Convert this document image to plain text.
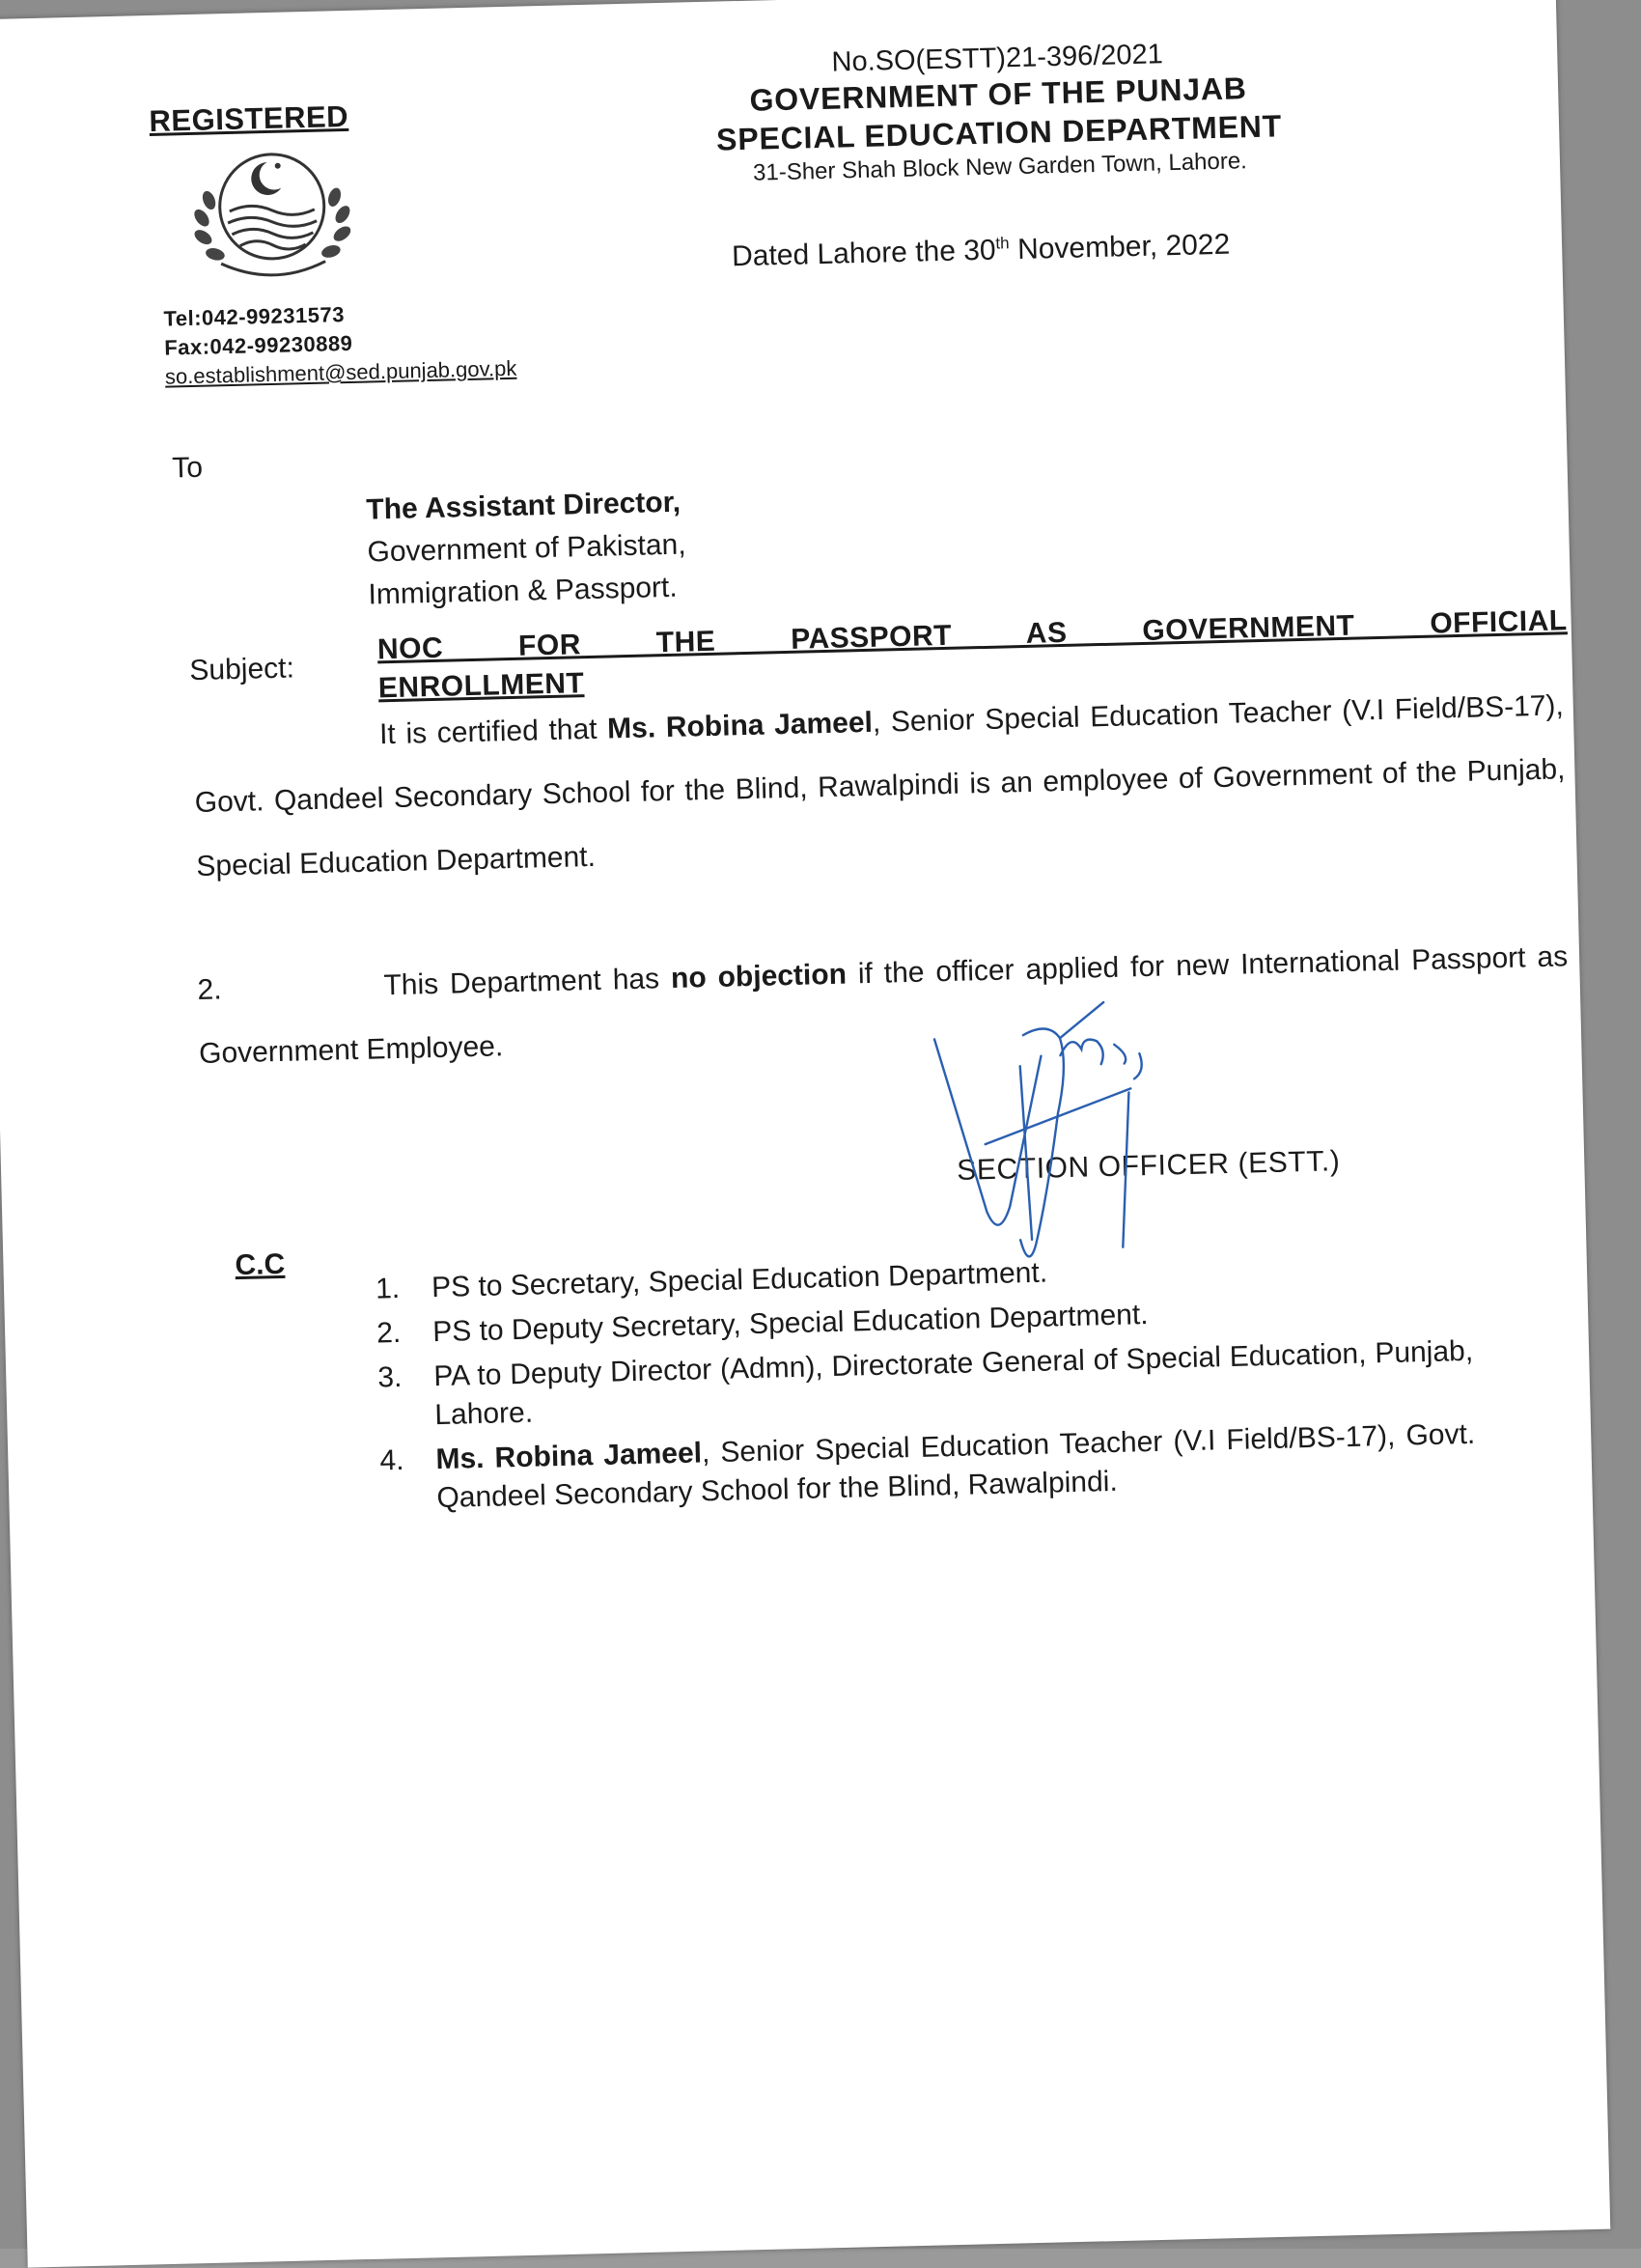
REGISTERED
Tel:042-99231573
Fax:042-99230889
so.establishment@sed.punjab.gov.pk
No.SO(ESTT)21-396/2021
GOVERNMENT OF THE PUNJAB
SPECIAL EDUCATION DEPARTMENT
31-Sher Shah Block New Garden Town, Lahore.
Dated Lahore the 30th November, 2022
To
The Assistant Director,
Government of Pakistan,
Immigration & Passport.
Subject:
NOC FOR THE PASSPORT AS GOVERNMENT OFFICIAL
ENROLLMENT
It is certified that Ms. Robina Jameel, Senior Special Education Teacher (V.I Field/BS-17), Govt. Qandeel Secondary School for the Blind, Rawalpindi is an employee of Government of the Punjab, Special Education Department.
2.	This Department has no objection if the officer applied for new International Passport as Government Employee.
SECTION OFFICER (ESTT.)
C.C
1. PS to Secretary, Special Education Department.
2. PS to Deputy Secretary, Special Education Department.
3. PA to Deputy Director (Admn), Directorate General of Special Education, Punjab, Lahore.
4. Ms. Robina Jameel, Senior Special Education Teacher (V.I Field/BS-17), Govt. Qandeel Secondary School for the Blind, Rawalpindi.
